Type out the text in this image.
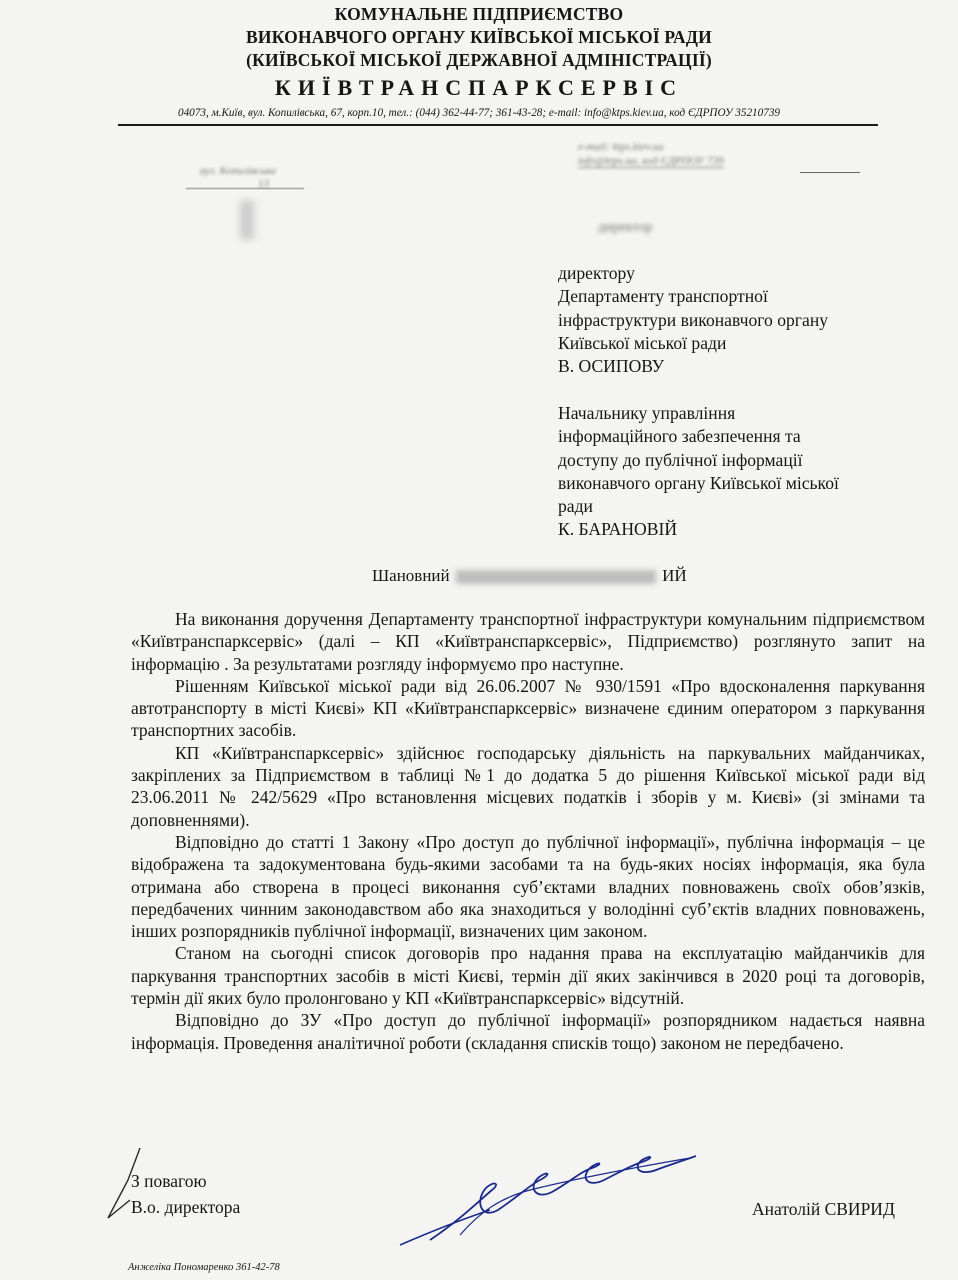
КОМУНАЛЬНЕ ПІДПРИЄМСТВО
ВИКОНАВЧОГО ОРГАНУ КИЇВСЬКОЇ МІСЬКОЇ РАДИ
(КИЇВСЬКОЇ МІСЬКОЇ ДЕРЖАВНОЇ АДМІНІСТРАЦІЇ)
КИЇВТРАНСПАРКСЕРВІС
04073, м.Київ, вул. Копилівська, 67, корп.10, тел.: (044) 362-44-77; 361-43-28; e-mail: info@ktps.kiev.ua, код ЄДРПОУ 35210739
вул. Копилівська
13
e-mail: ktps.kiev.ua
info@ktps.ua, код ЄДРПОУ 739
директор
директору
Департаменту транспортної
інфраструктури виконавчого органу
Київської міської ради
В. ОСИПОВУ
Начальнику управління
інформаційного забезпечення та
доступу до публічної інформації
виконавчого органу Київської міської
ради
К. БАРАНОВІЙ
Шановний	ИЙ

На виконання доручення Департаменту транспортної інфраструктури комунальним підприємством «Київтранспарксервіс» (далі – КП «Київтранспарксервіс», Підприємство) розглянуто запит на інформацію . За результатами розгляду інформуємо про наступне.

Рішенням Київської міської ради від 26.06.2007 № 930/1591 «Про вдосконалення паркування автотранспорту в місті Києві» КП «Київтранспарксервіс» визначене єдиним оператором з паркування транспортних засобів.

КП «Київтранспарксервіс» здійснює господарську діяльність на паркувальних майданчиках, закріплених за Підприємством в таблиці №1 до додатка 5 до рішення Київської міської ради від 23.06.2011 № 242/5629 «Про встановлення місцевих податків і зборів у м. Києві» (зі змінами та доповненнями).

Відповідно до статті 1 Закону «Про доступ до публічної інформації», публічна інформація – це відображена та задокументована будь-якими засобами та на будь-яких носіях інформація, яка була отримана або створена в процесі виконання суб’єктами владних повноважень своїх обов’язків, передбачених чинним законодавством або яка знаходиться у володінні суб’єктів владних повноважень, інших розпорядників публічної інформації, визначених цим законом.

Станом на сьогодні список договорів про надання права на експлуатацію майданчиків для паркування транспортних засобів в місті Києві, термін дії яких закінчився в 2020 році та договорів, термін дії яких було пролонговано у КП «Київтранспарксервіс» відсутній.

Відповідно до ЗУ «Про доступ до публічної інформації» розпорядником надається наявна інформація. Проведення аналітичної роботи (складання списків тощо) законом не передбачено.

З повагою
В.о. директора	Анатолій СВИРИД
Анжеліка Пономаренко 361-42-78
